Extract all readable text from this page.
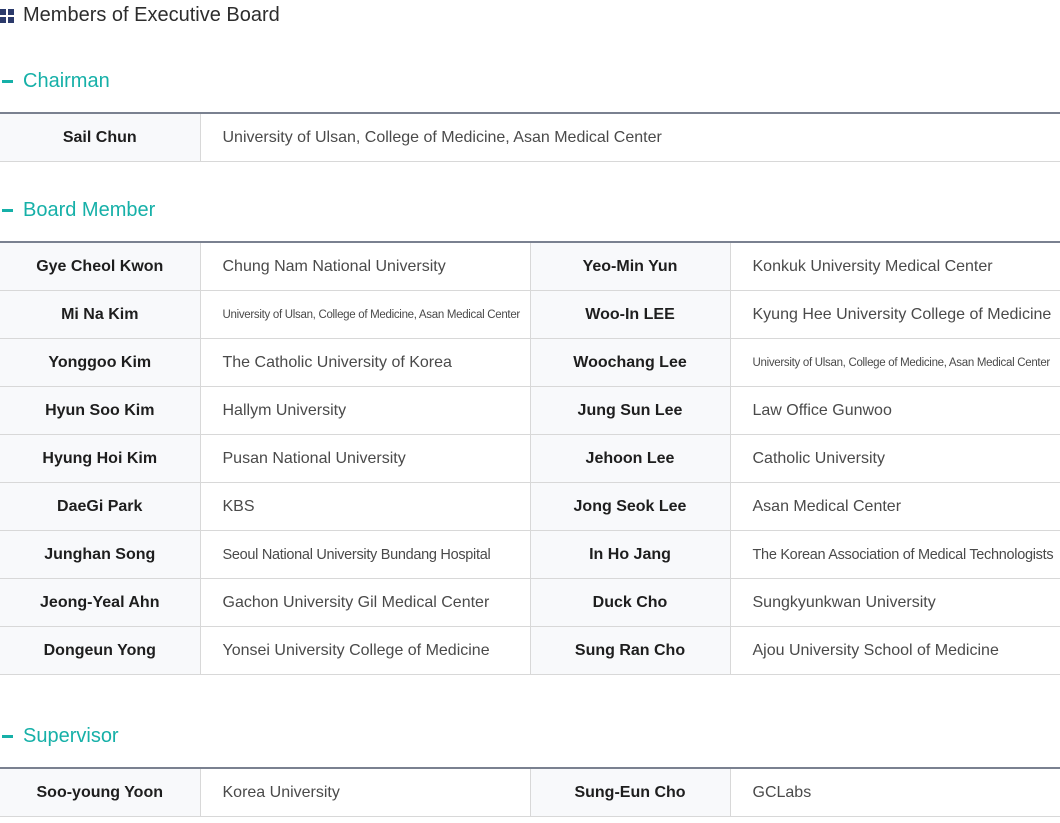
Members of Executive Board
Chairman
Sail Chun	University of Ulsan, College of Medicine, Asan Medical Center
Board Member
Gye Cheol Kwon	Chung Nam National University	Yeo-Min Yun	Konkuk University Medical Center
Mi Na Kim	University of Ulsan, College of Medicine, Asan Medical Center	Woo-In LEE	Kyung Hee University College of Medicine
Yonggoo Kim	The Catholic University of Korea	Woochang Lee	University of Ulsan, College of Medicine, Asan Medical Center
Hyun Soo Kim	Hallym University	Jung Sun Lee	Law Office Gunwoo
Hyung Hoi Kim	Pusan National University	Jehoon Lee	Catholic University
DaeGi Park	KBS	Jong Seok Lee	Asan Medical Center
Junghan Song	Seoul National University Bundang Hospital	In Ho Jang	The Korean Association of Medical Technologists
Jeong-Yeal Ahn	Gachon University Gil Medical Center	Duck Cho	Sungkyunkwan University
Dongeun Yong	Yonsei University College of Medicine	Sung Ran Cho	Ajou University School of Medicine
Supervisor
Soo-young Yoon	Korea University	Sung-Eun Cho	GCLabs
